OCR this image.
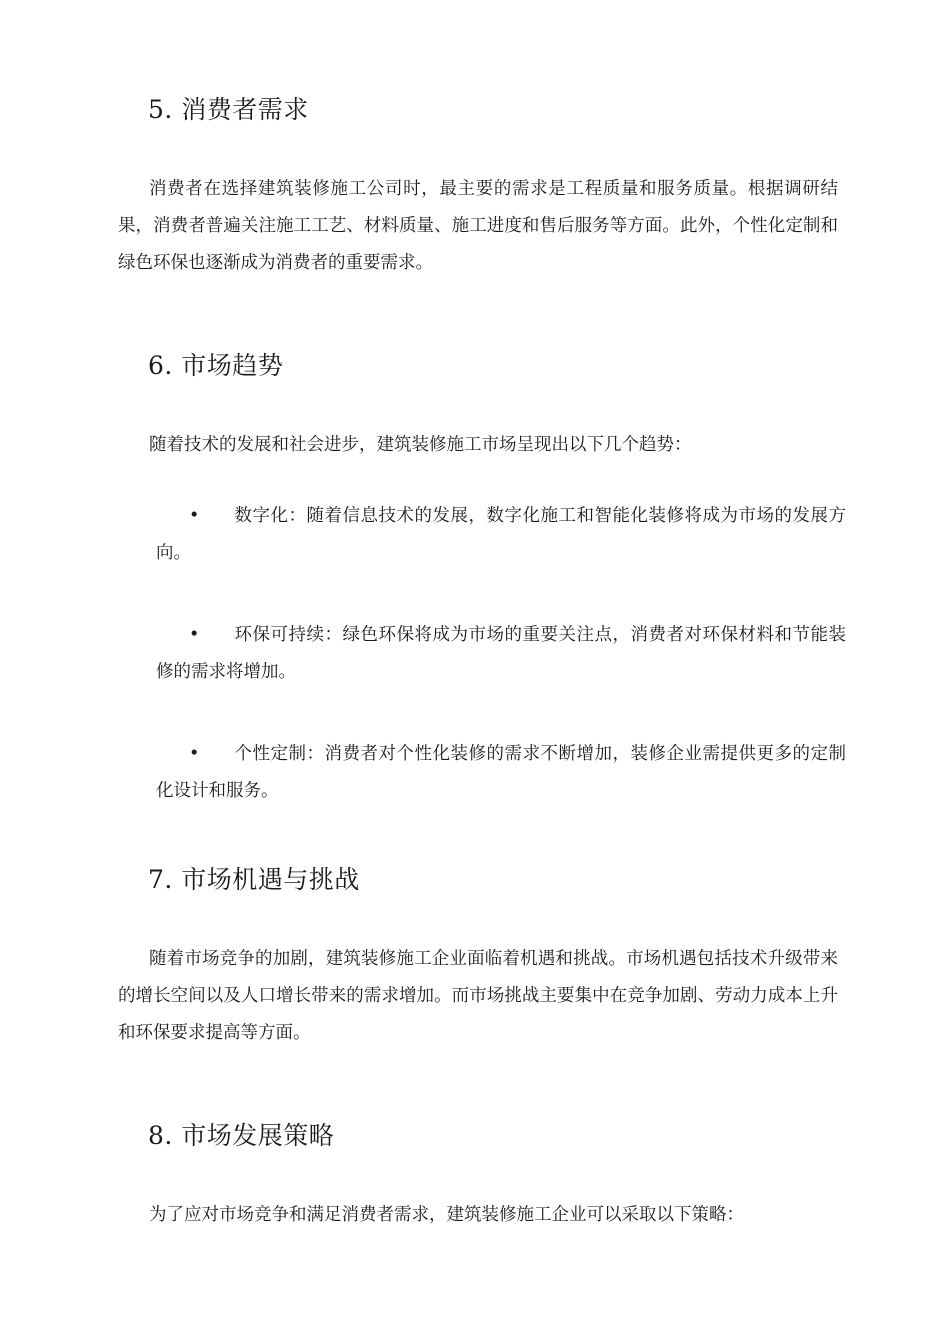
5. 消费者需求

消费者在选择建筑装修施工公司时，最主要的需求是工程质量和服务质量。根据调研结果，消费者普遍关注施工工艺、材料质量、施工进度和售后服务等方面。此外，个性化定制和绿色环保也逐渐成为消费者的重要需求。

6. 市场趋势

随着技术的发展和社会进步，建筑装修施工市场呈现出以下几个趋势：

• 数字化：随着信息技术的发展，数字化施工和智能化装修将成为市场的发展方向。

• 环保可持续：绿色环保将成为市场的重要关注点，消费者对环保材料和节能装修的需求将增加。

• 个性定制：消费者对个性化装修的需求不断增加，装修企业需提供更多的定制化设计和服务。

7. 市场机遇与挑战

随着市场竞争的加剧，建筑装修施工企业面临着机遇和挑战。市场机遇包括技术升级带来的增长空间以及人口增长带来的需求增加。而市场挑战主要集中在竞争加剧、劳动力成本上升和环保要求提高等方面。

8. 市场发展策略

为了应对市场竞争和满足消费者需求，建筑装修施工企业可以采取以下策略：
